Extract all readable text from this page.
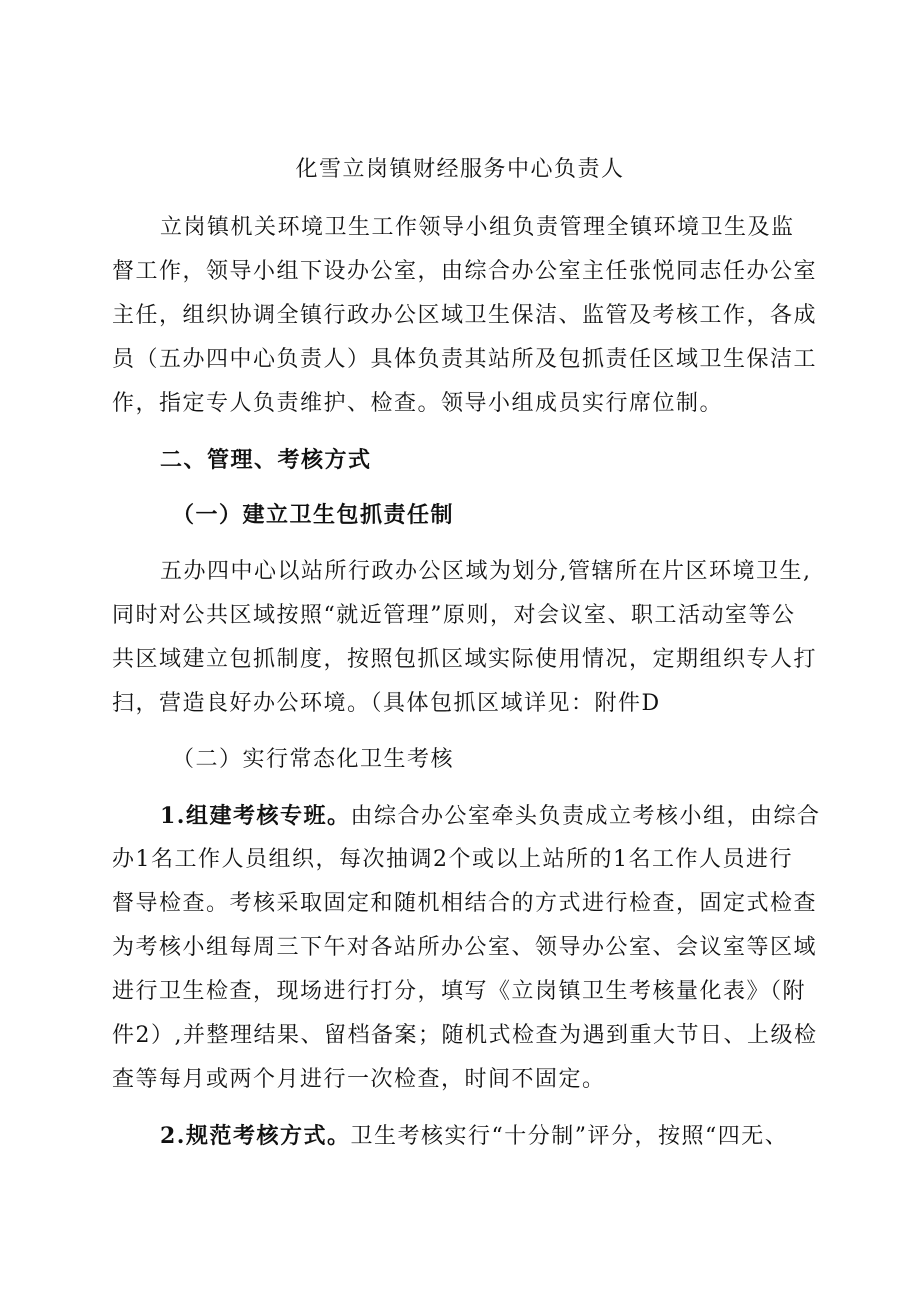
化雪立岗镇财经服务中心负责人
立岗镇机关环境卫生工作领导小组负责管理全镇环境卫生及监
督工作，领导小组下设办公室，由综合办公室主任张悦同志任办公室
主任，组织协调全镇行政办公区域卫生保洁、监管及考核工作，各成
员（五办四中心负责人）具体负责其站所及包抓责任区域卫生保洁工
作，指定专人负责维护、检查。领导小组成员实行席位制。
二、管理、考核方式
（一）建立卫生包抓责任制
五办四中心以站所行政办公区域为划分,管辖所在片区环境卫生,
同时对公共区域按照“就近管理”原则，对会议室、职工活动室等公
共区域建立包抓制度，按照包抓区域实际使用情况，定期组织专人打
扫，营造良好办公环境。（具体包抓区域详见：附件D
（二）实行常态化卫生考核
1.组建考核专班。由综合办公室牵头负责成立考核小组，由综合
办1名工作人员组织，每次抽调2个或以上站所的1名工作人员进行
督导检查。考核采取固定和随机相结合的方式进行检查，固定式检查
为考核小组每周三下午对各站所办公室、领导办公室、会议室等区域
进行卫生检查，现场进行打分，填写《立岗镇卫生考核量化表》（附
件2）,并整理结果、留档备案；随机式检查为遇到重大节日、上级检
查等每月或两个月进行一次检查，时间不固定。
2.规范考核方式。卫生考核实行“十分制”评分，按照“四无、
